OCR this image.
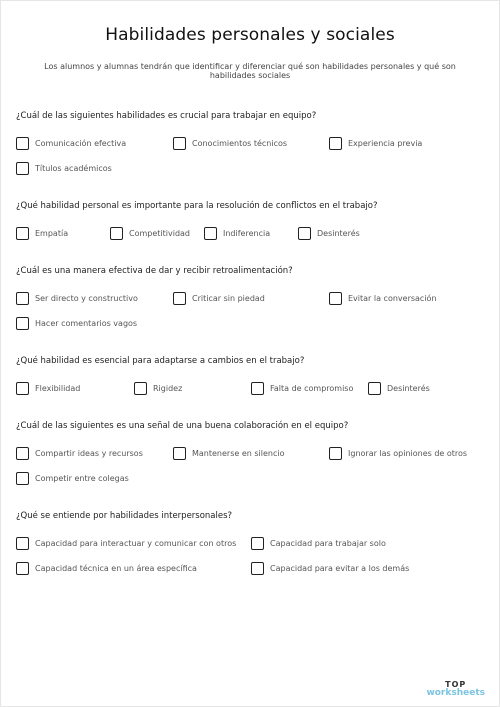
Habilidades personales y sociales
Los alumnos y alumnas tendrán que identificar y diferenciar qué son habilidades personales y qué son habilidades sociales
¿Cuál de las siguientes habilidades es crucial para trabajar en equipo?
Comunicación efectiva	Conocimientos técnicos	Experiencia previa
Títulos académicos
¿Qué habilidad personal es importante para la resolución de conflictos en el trabajo?
Empatía	Competitividad	Indiferencia	Desinterés
¿Cuál es una manera efectiva de dar y recibir retroalimentación?
Ser directo y constructivo	Criticar sin piedad	Evitar la conversación
Hacer comentarios vagos
¿Qué habilidad es esencial para adaptarse a cambios en el trabajo?
Flexibilidad	Rigidez	Falta de compromiso	Desinterés
¿Cuál de las siguientes es una señal de una buena colaboración en el equipo?
Compartir ideas y recursos	Mantenerse en silencio	Ignorar las opiniones de otros
Competir entre colegas
¿Qué se entiende por habilidades interpersonales?
Capacidad para interactuar y comunicar con otros	Capacidad para trabajar solo
Capacidad técnica en un área específica	Capacidad para evitar a los demás
TOP
worksheets
